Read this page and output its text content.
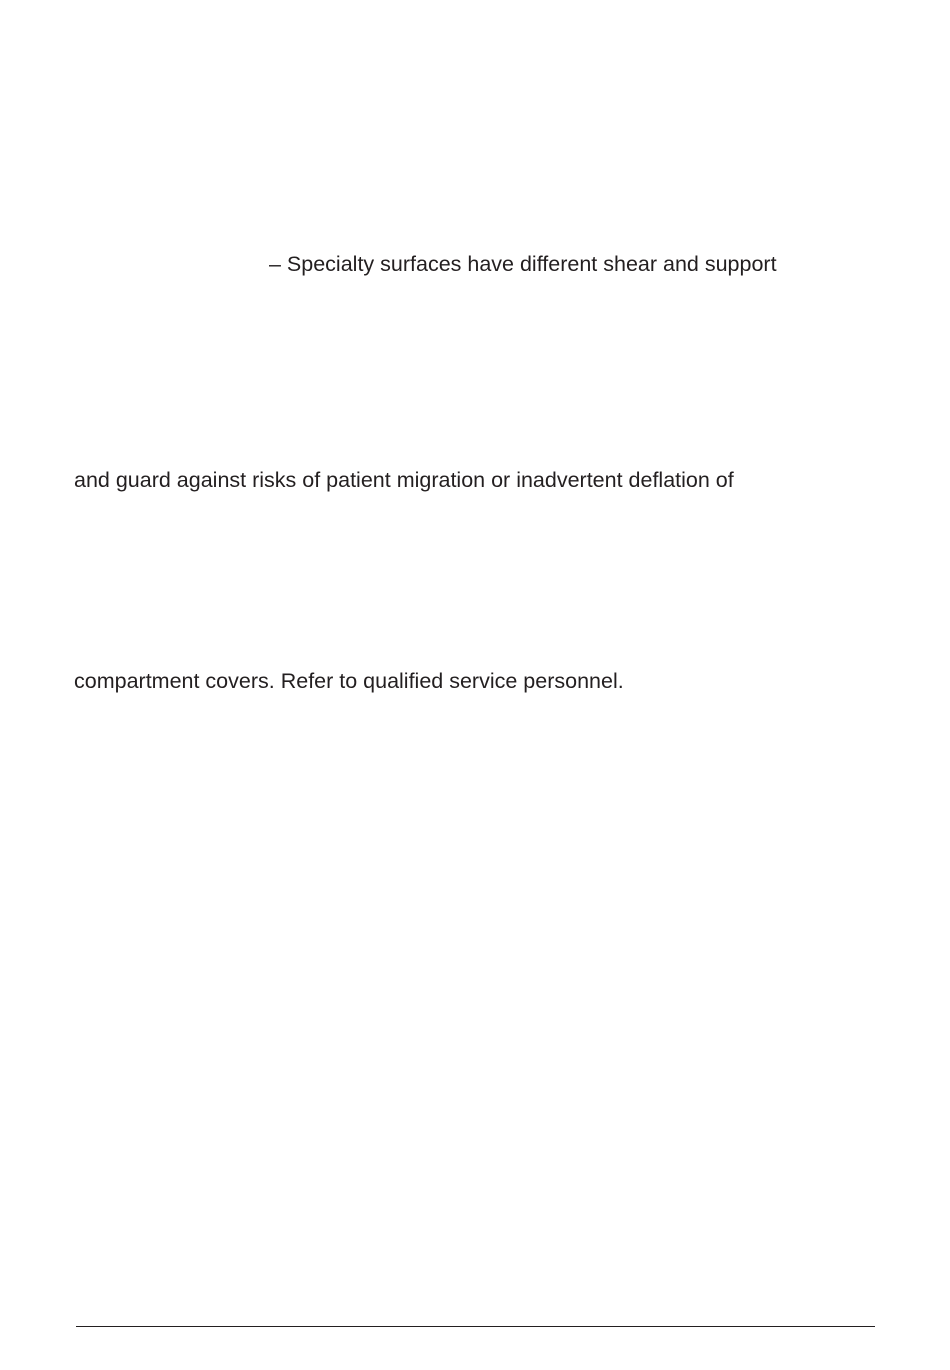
– Specialty surfaces have different shear and support

and guard against risks of patient migration or inadvertent deflation of

compartment covers. Refer to qualified service personnel.
